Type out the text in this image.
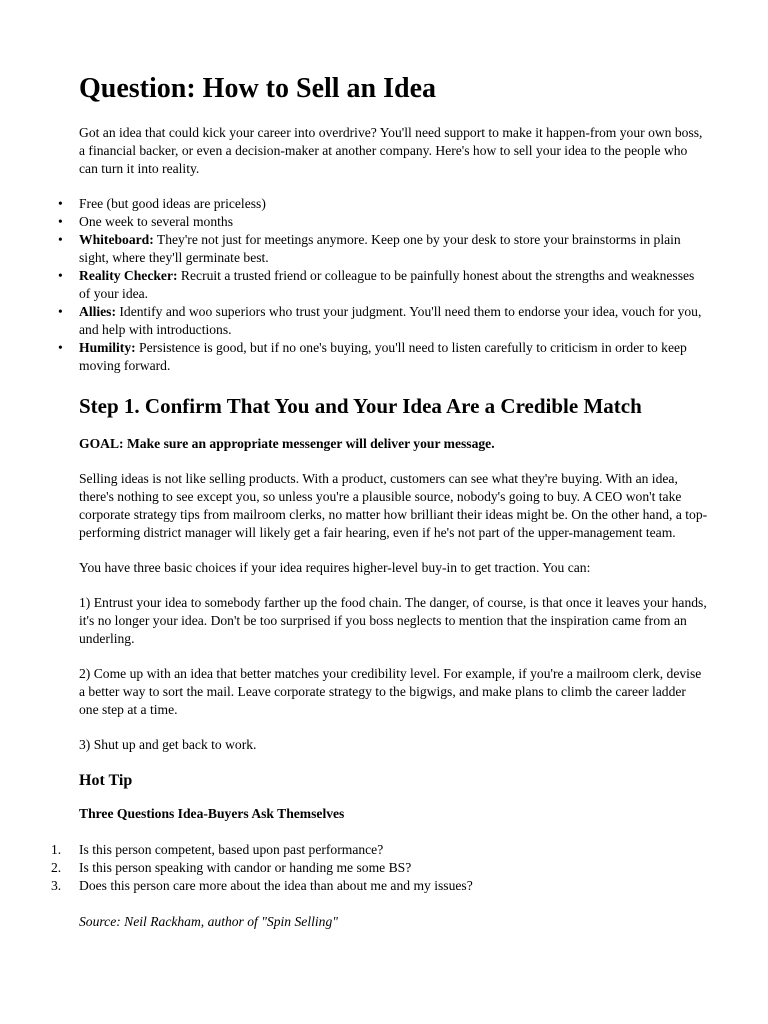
Question: How to Sell an Idea

Got an idea that could kick your career into overdrive? You'll need support to make it happen-from your own boss, a financial backer, or even a decision-maker at another company. Here's how to sell your idea to the people who can turn it into reality.

• Free (but good ideas are priceless)
• One week to several months
• Whiteboard: They're not just for meetings anymore. Keep one by your desk to store your brainstorms in plain sight, where they'll germinate best.
• Reality Checker: Recruit a trusted friend or colleague to be painfully honest about the strengths and weaknesses of your idea.
• Allies: Identify and woo superiors who trust your judgment. You'll need them to endorse your idea, vouch for you, and help with introductions.
• Humility: Persistence is good, but if no one's buying, you'll need to listen carefully to criticism in order to keep moving forward.
Step 1. Confirm That You and Your Idea Are a Credible Match

GOAL: Make sure an appropriate messenger will deliver your message.

Selling ideas is not like selling products. With a product, customers can see what they're buying. With an idea, there's nothing to see except you, so unless you're a plausible source, nobody's going to buy. A CEO won't take corporate strategy tips from mailroom clerks, no matter how brilliant their ideas might be. On the other hand, a top-performing district manager will likely get a fair hearing, even if he's not part of the upper-management team.

You have three basic choices if your idea requires higher-level buy-in to get traction. You can:

1) Entrust your idea to somebody farther up the food chain. The danger, of course, is that once it leaves your hands, it's no longer your idea. Don't be too surprised if you boss neglects to mention that the inspiration came from an underling.

2) Come up with an idea that better matches your credibility level. For example, if you're a mailroom clerk, devise a better way to sort the mail. Leave corporate strategy to the bigwigs, and make plans to climb the career ladder one step at a time.

3) Shut up and get back to work.

Hot Tip

Three Questions Idea-Buyers Ask Themselves

1. Is this person competent, based upon past performance?
2. Is this person speaking with candor or handing me some BS?
3. Does this person care more about the idea than about me and my issues?

Source: Neil Rackham, author of "Spin Selling"
